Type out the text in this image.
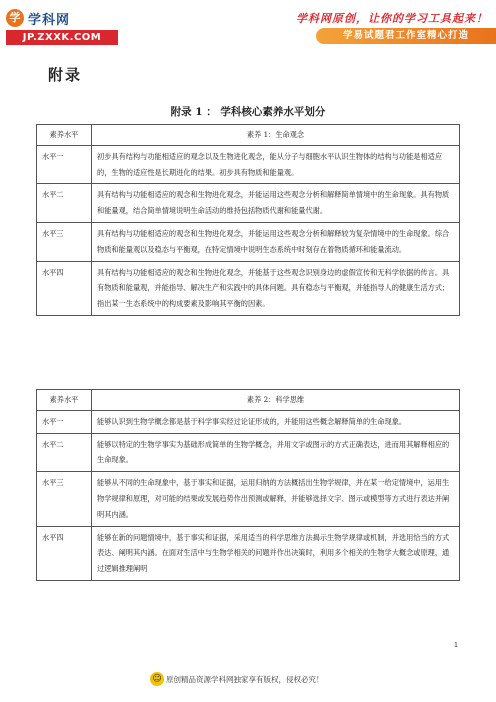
学 学科网
JP.ZXXK.COM
学科网原创，让你的学习工具起来！
学易试题君工作室精心打造
附录
附录 1 ： 学科核心素养水平划分
素养水平	素养 1：生命观念
水平一	初步具有结构与功能相适应的观念以及生物进化观念，能从分子与细胞水平认识生物体的结构与功能是相适应的，生物的适应性是长期进化的结果。初步具有物质和能量观。
水平二	具有结构与功能相适应的观念和生物进化观念，并能运用这些观念分析和解释简单情境中的生命现象。具有物质和能量观，结合简单情境说明生命活动的维持包括物质代谢和能量代谢。
水平三	具有结构与功能相适应的观念和生物进化观念，并能运用这些观念分析和解释较为复杂情境中的生命现象。综合物质和能量观以及稳态与平衡观，在特定情境中说明生态系统中时刻存在着物质循环和能量流动。
水平四	具有结构与功能相适应的观念和生物进化观念，并能基于这些观念识别身边的虚假宣传和无科学依据的传言。具有物质和能量观，并能指导、解决生产和实践中的具体问题。具有稳态与平衡观，并能指导人的健康生活方式；指出某一生态系统中的构成要素及影响其平衡的因素。
素养水平	素养 2：科学思维
水平一	能够认识到生物学概念都是基于科学事实经过论证形成的，并能用这些概念解释简单的生命现象。
水平二	能够以特定的生物学事实为基础形成简单的生物学概念，并用文字或图示的方式正确表达，进而用其解释相应的生命现象。
水平三	能够从不同的生命现象中，基于事实和证据，运用归纳的方法概括出生物学规律，并在某一给定情境中，运用生物学规律和原理，对可能的结果或发展趋势作出预测或解释，并能够选择文字、图示或模型等方式进行表达并阐明其内涵。
水平四	能够在新的问题情境中，基于事实和证据，采用适当的科学思维方法揭示生物学规律或机制，并选用恰当的方式表达、阐明其内涵。在面对生活中与生物学相关的问题并作出决策时，利用多个相关的生物学大概念或原理，通过逻辑推理阐明
1
☺ 原创精品资源学科网独家享有版权，侵权必究！
